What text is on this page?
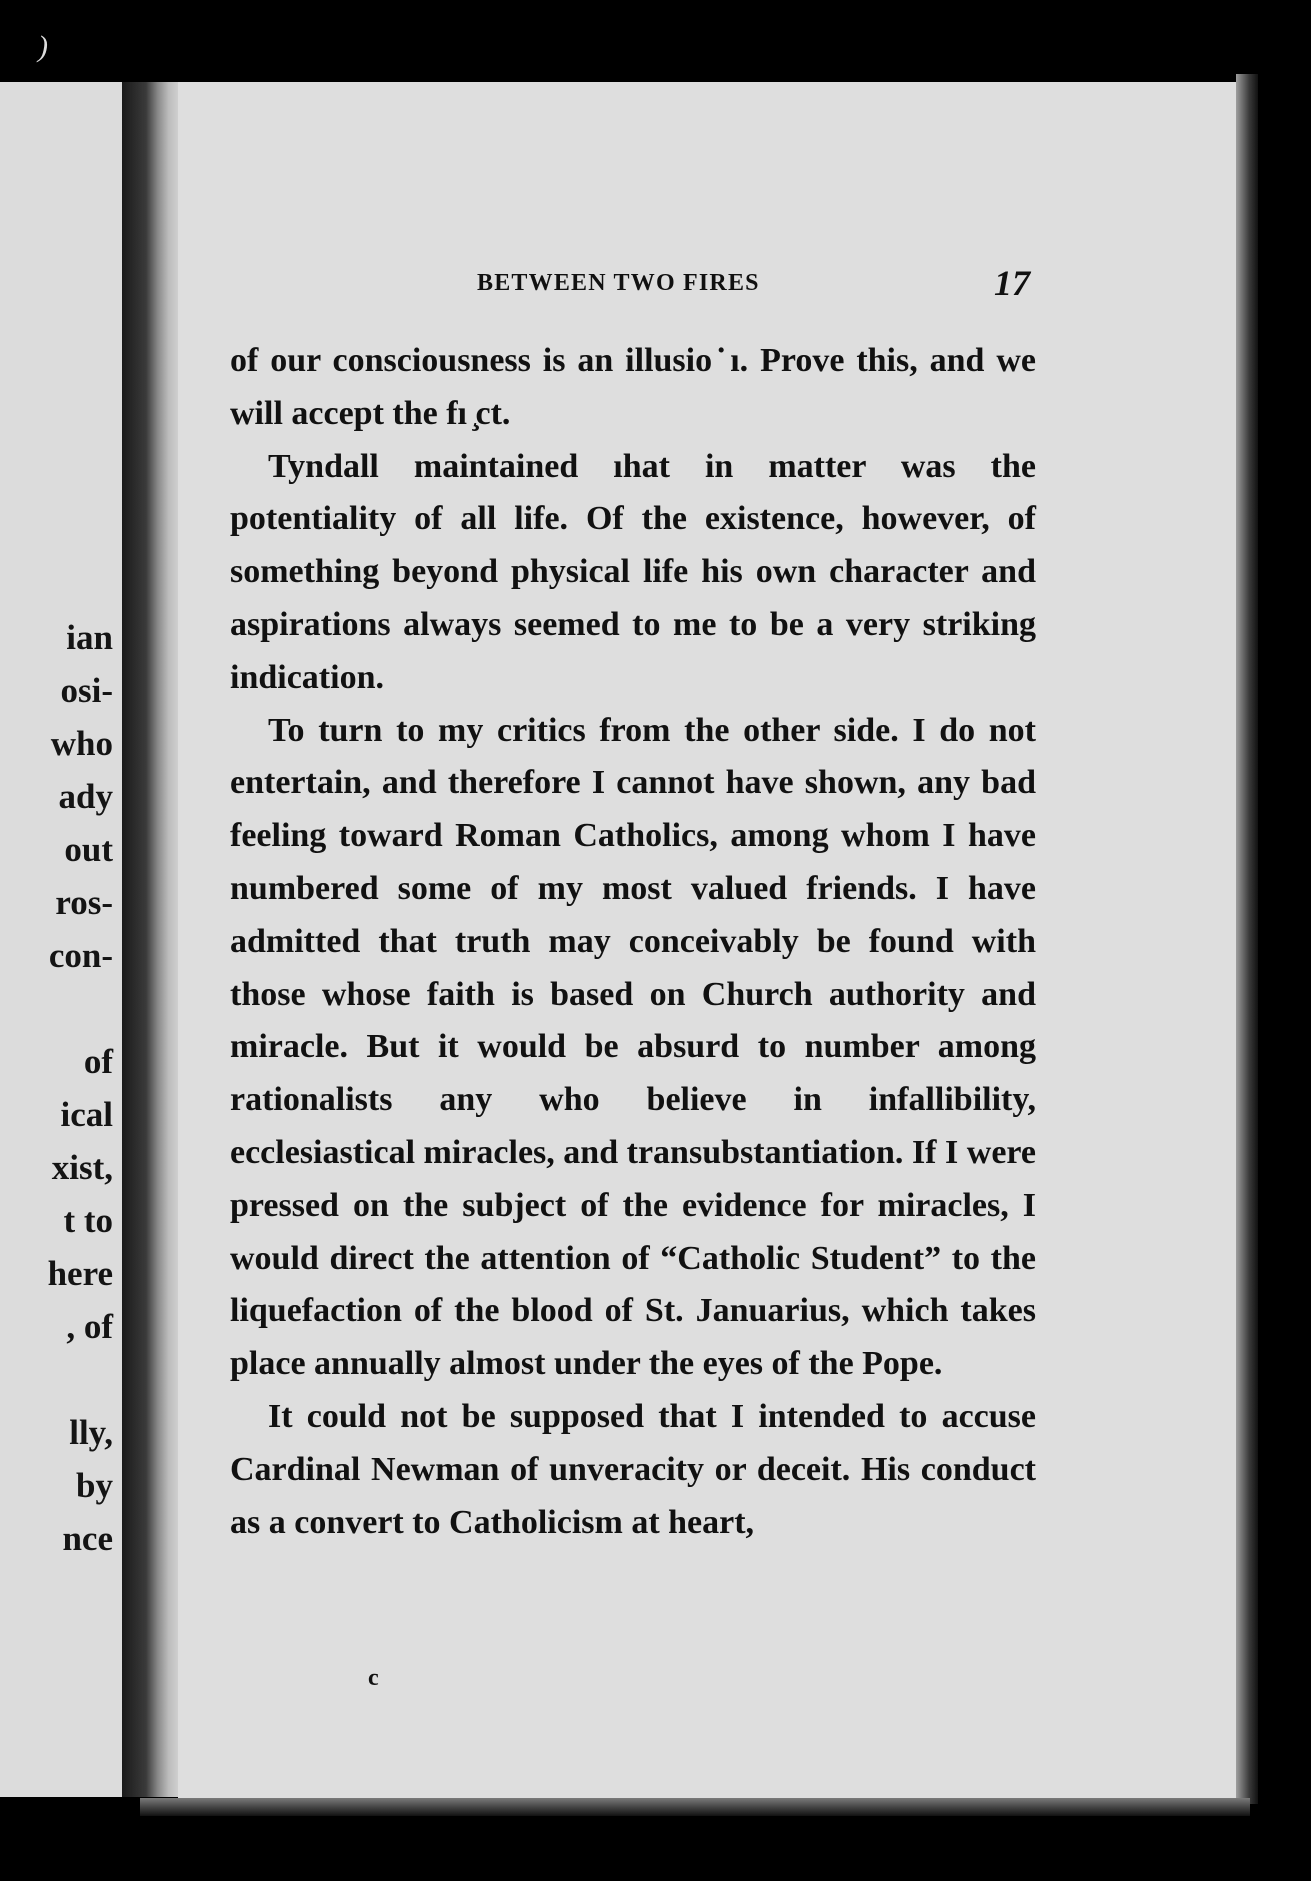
)
ian
osi-
who
ady
out
ros-
con-
of
ical
xist,
t to
here
, of
lly,
by
nce
BETWEEN TWO FIRES	17

of our consciousness is an illusio˙ı. Prove this, and we will accept the fı ̧ct.

Tyndall maintained ıhat in matter was the potentiality of all life. Of the existence, however, of something beyond physical life his own character and aspirations always seemed to me to be a very striking indication.

To turn to my critics from the other side. I do not entertain, and therefore I cannot have shown, any bad feeling toward Roman Catholics, among whom I have numbered some of my most valued friends. I have admitted that truth may conceivably be found with those whose faith is based on Church authority and miracle. But it would be absurd to number among rationalists any who believe in infallibility, ecclesiastical miracles, and transubstantiation. If I were pressed on the subject of the evidence for miracles, I would direct the attention of “Catholic Student” to the liquefaction of the blood of St. Januarius, which takes place annually almost under the eyes of the Pope.

It could not be supposed that I intended to accuse Cardinal Newman of unveracity or deceit. His conduct as a convert to Catholicism at heart,

c
